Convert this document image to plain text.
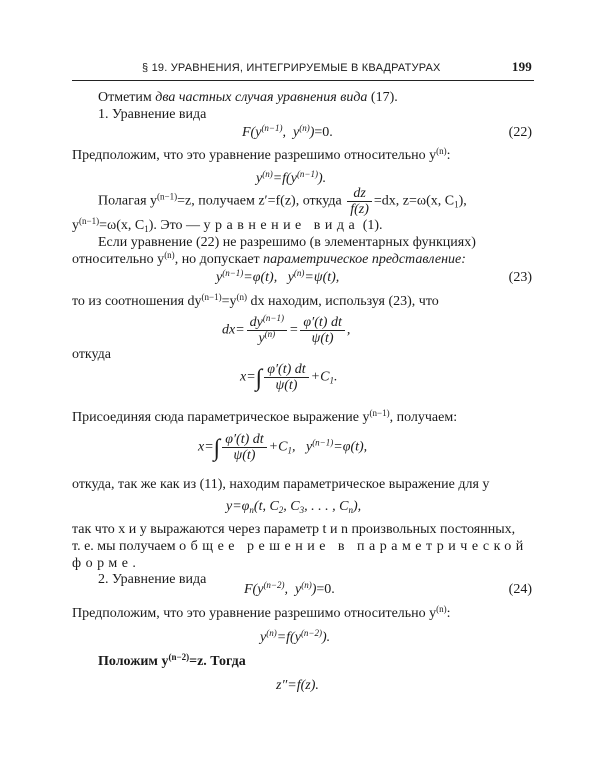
§ 19. УРАВНЕНИЯ, ИНТЕГРИРУЕМЫЕ В КВАДРАТУРАХ	199
Отметим два частных случая уравнения вида (17).
1. Уравнение вида
$F(y^{(n-1)}$,  $y^{(n)})=0$.	(22)
Предположим, что это уравнение разрешимо относительно $y^{(n)}$:
$y^{(n)}=f(y^{(n-1)})$.
Полагая $y^{(n-1)}=z$, получаем z′=f(z), откуда $\frac{dz}{f(z)} =dx$, z=ω(x, $C_1$),
$y^{(n-1)}=\omega(x$, $C_1$). Это — уравнение вида (1).
Если уравнение (22) не разрешимо (в элементарных функциях)
относительно $y^{(n)}$, но допускает параметрическое представление:
$y^{(n-1)}=\varphi(t)$,   $y^{(n)}=\psi(t)$,	(23)
то из соотношения $dy^{(n-1)}=y^{(n)}$ dx находим, используя (23), что
$dx= \frac{dy^{(n-1)}}{y^{(n)}} = \frac{\varphi'(t) dt}{\psi(t)}$ ,
откуда
$x=\int \frac{\varphi'(t) dt}{\psi(t)} +C_1$.
Присоединяя сюда параметрическое выражение $y^{(n-1)}$, получаем:
$x=\int \frac{\varphi'(t) dt}{\psi(t)} +C_1$,   $y^{(n-1)}=\varphi(t)$,
откуда, так же как из (11), находим параметрическое выражение для y
$y=\varphi_n(t$, $C_2$, $C_3$, . . . , $C_n$),
так что x и y выражаются через параметр t и n произвольных постоянных,
т. е. мы получаем общее решение в параметрической
форме.
2. Уравнение вида
$F(y^{(n-2)}$,  $y^{(n)})=0$.	(24)
Предположим, что это уравнение разрешимо относительно $y^{(n)}$:
$y^{(n)}=f(y^{(n-2)})$.
Положим $y^{(n-2)}=z$. Тогда
z″=f(z).
